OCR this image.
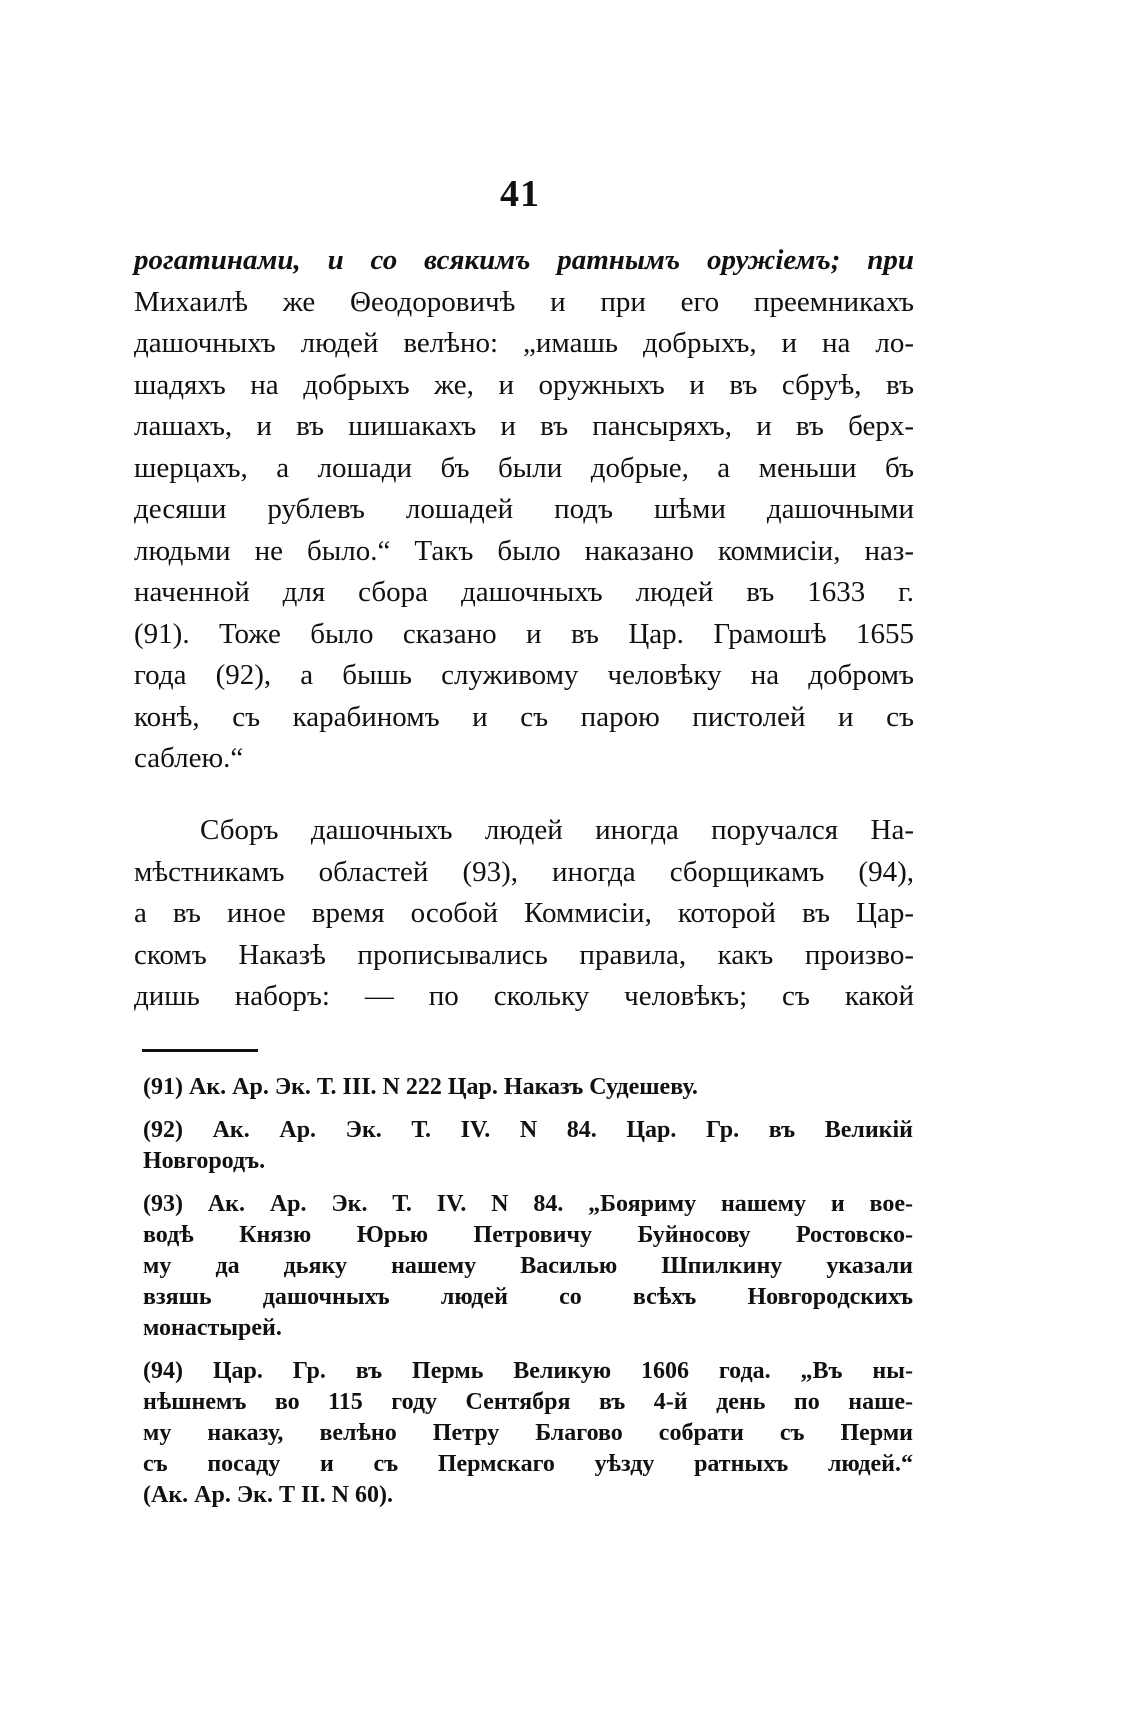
41
рогатинами, и со всякимъ ратнымъ оружіемъ; при
Михаилѣ же Θеодоровичѣ и при его преемникахъ
дашочныхъ людей велѣно: „имашь добрыхъ, и на ло-
шадяхъ на добрыхъ же, и оружныхъ и въ сбруѣ, въ
лашахъ, и въ шишакахъ и въ пансыряхъ, и въ берх-
шерцахъ, а лошади бъ были добрые, а меньши бъ
десяши рублевъ лошадей подъ шѣми дашочными
людьми не было.“ Такъ было наказано коммисіи, наз-
наченной для сбора дашочныхъ людей въ 1633 г.
(91). Тоже было сказано и въ Цар. Грамошѣ 1655
года (92), а бышь служивому человѣку на добромъ
конѣ, съ карабиномъ и съ парою пистолей и съ
саблею.“
Сборъ дашочныхъ людей иногда поручался На-
мѣстникамъ областей (93), иногда сборщикамъ (94),
а въ иное время особой Коммисіи, которой въ Цар-
скомъ Наказѣ прописывались правила, какъ произво-
дишь наборъ: — по скольку человѣкъ; съ какой
(91) Ак. Ар. Эк. Т. III. N 222 Цар. Наказъ Судешеву.
(92) Ак. Ар. Эк. Т. IV. N 84. Цар. Гр. въ Великій
Новгородъ.
(93) Ак. Ар. Эк. Т. IV. N 84. „Бояриму нашему и вое-
водѣ Князю Юрью Петровичу Буйносову Ростовско-
му да дьяку нашему Василью Шпилкину указали
взяшь дашочныхъ людей со всѣхъ Новгородскихъ
монастырей.
(94) Цар. Гр. въ Пермь Великую 1606 года. „Въ ны-
нѣшнемъ во 115 году Сентября въ 4-й день по нашe-
му наказу, велѣно Петру Благово собрати съ Перми
съ посаду и съ Пермскаго уѣзду ратныхъ людей.“
(Ак. Ар. Эк. Т II. N 60).
